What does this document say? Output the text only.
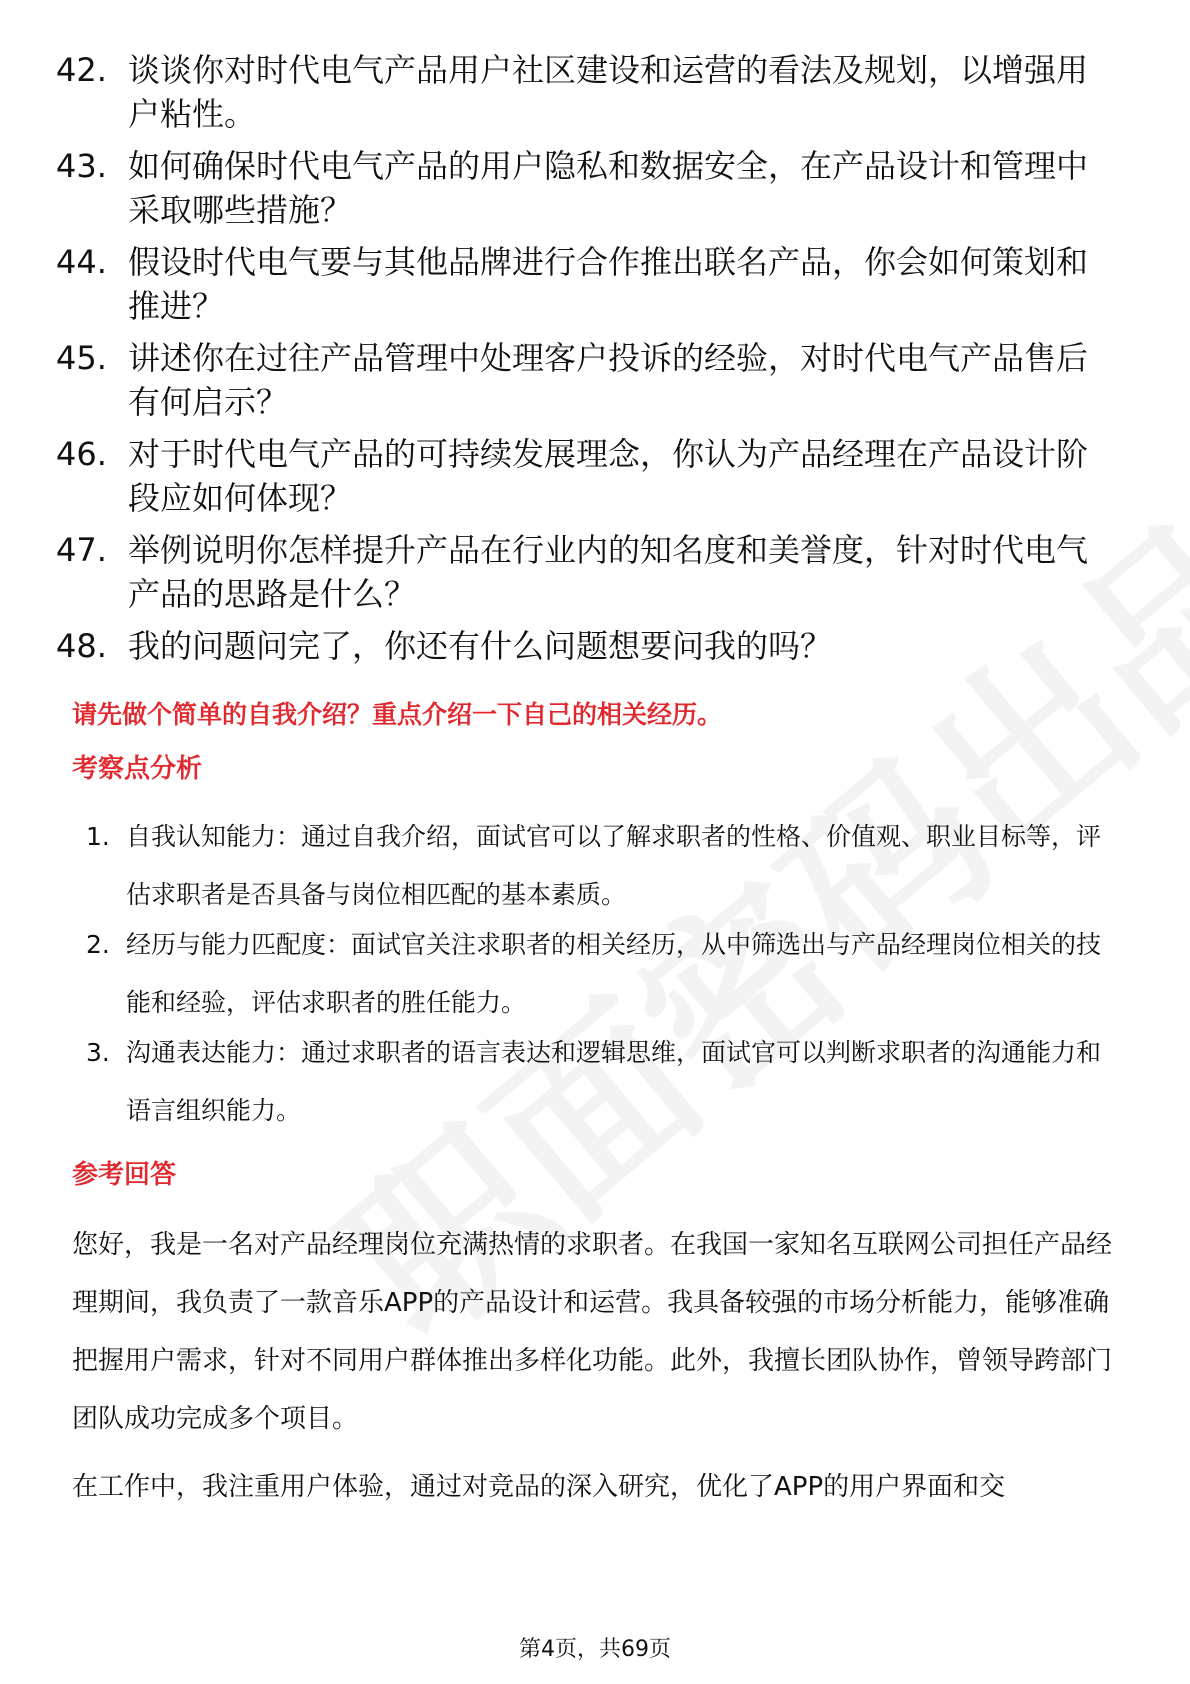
42. 谈谈你对时代电气产品用户社区建设和运营的看法及规划，以增强用户粘性。
43. 如何确保时代电气产品的用户隐私和数据安全，在产品设计和管理中采取哪些措施？
44. 假设时代电气要与其他品牌进行合作推出联名产品，你会如何策划和推进？
45. 讲述你在过往产品管理中处理客户投诉的经验，对时代电气产品售后有何启示？
46. 对于时代电气产品的可持续发展理念，你认为产品经理在产品设计阶段应如何体现？
47. 举例说明你怎样提升产品在行业内的知名度和美誉度，针对时代电气产品的思路是什么？
48. 我的问题问完了，你还有什么问题想要问我的吗？
请先做个简单的自我介绍？重点介绍一下自己的相关经历。
考察点分析
1. 自我认知能力：通过自我介绍，面试官可以了解求职者的性格、价值观、职业目标等，评估求职者是否具备与岗位相匹配的基本素质。
2. 经历与能力匹配度：面试官关注求职者的相关经历，从中筛选出与产品经理岗位相关的技能和经验，评估求职者的胜任能力。
3. 沟通表达能力：通过求职者的语言表达和逻辑思维，面试官可以判断求职者的沟通能力和语言组织能力。
参考回答
您好，我是一名对产品经理岗位充满热情的求职者。在我国一家知名互联网公司担任产品经理期间，我负责了一款音乐APP的产品设计和运营。我具备较强的市场分析能力，能够准确把握用户需求，针对不同用户群体推出多样化功能。此外，我擅长团队协作，曾领导跨部门团队成功完成多个项目。
在工作中，我注重用户体验，通过对竞品的深入研究，优化了APP的用户界面和交
第4页，共69页
